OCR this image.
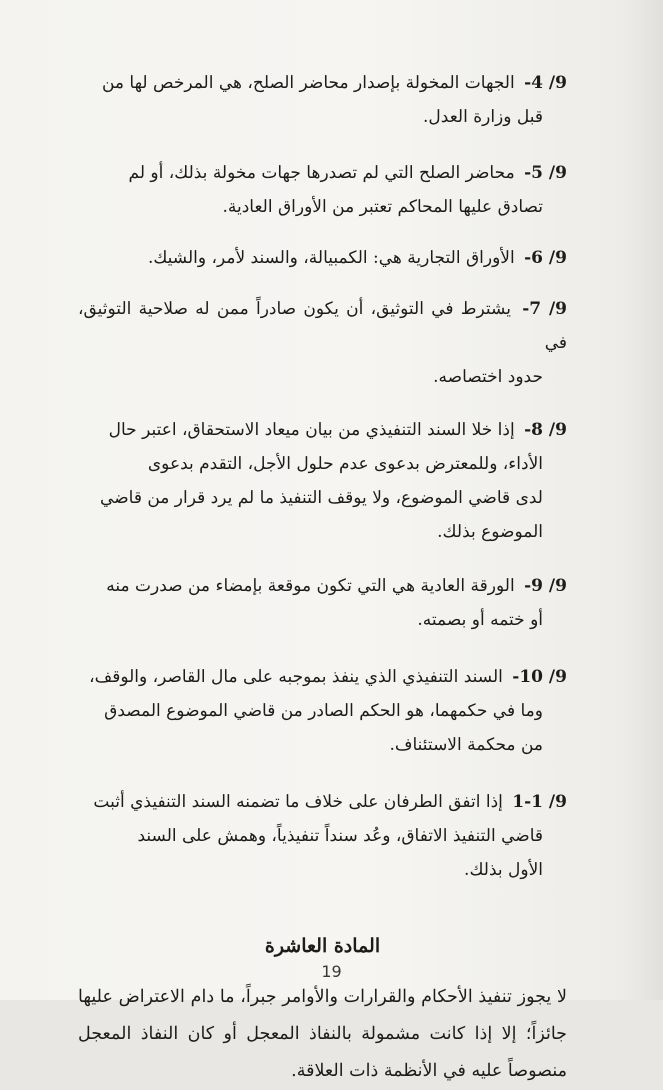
9/ 4- الجهات المخولة بإصدار محاضر الصلح، هي المرخص لها من
قبل وزارة العدل.

9/ 5- محاضر الصلح التي لم تصدرها جهات مخولة بذلك، أو لم
تصادق عليها المحاكم تعتبر من الأوراق العادية.

9/ 6- الأوراق التجارية هي: الكمبيالة، والسند لأمر، والشيك.

9/ 7- يشترط في التوثيق، أن يكون صادراً ممن له صلاحية التوثيق، في
حدود اختصاصه.

9/ 8- إذا خلا السند التنفيذي من بيان ميعاد الاستحقاق، اعتبر حال
الأداء، وللمعترض بدعوى عدم حلول الأجل، التقدم بدعوى
لدى قاضي الموضوع، ولا يوقف التنفيذ ما لم يرد قرار من قاضي
الموضوع بذلك.

9/ 9- الورقة العادية هي التي تكون موقعة بإمضاء من صدرت منه
أو ختمه أو بصمته.

9/ 10- السند التنفيذي الذي ينفذ بموجبه على مال القاصر، والوقف،
وما في حكمهما، هو الحكم الصادر من قاضي الموضوع المصدق
من محكمة الاستئناف.

9/ 1-1 إذا اتفق الطرفان على خلاف ما تضمنه السند التنفيذي أثبت
قاضي التنفيذ الاتفاق، وعُد سنداً تنفيذياً، وهمش على السند
الأول بذلك.

المادة العاشرة

لا يجوز تنفيذ الأحكام والقرارات والأوامر جبراً، ما دام الاعتراض عليها جائزاً؛ إلا إذا كانت مشمولة بالنفاذ المعجل أو كان النفاذ المعجل منصوصاً عليه في الأنظمة ذات العلاقة.

19
